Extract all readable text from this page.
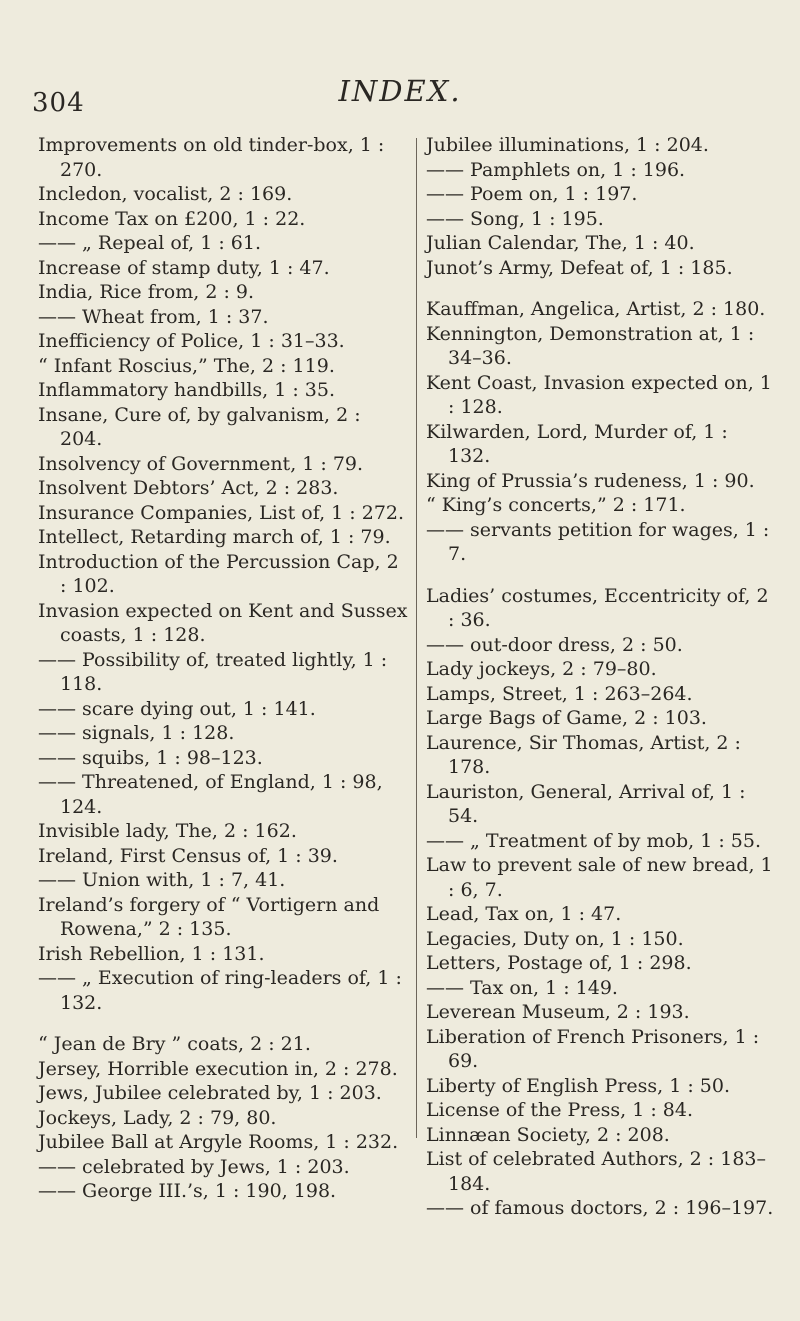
304	INDEX.

Improvements on old tinder-box, 1 : 270.

Incledon, vocalist, 2 : 169.

Income Tax on £200, 1 : 22.

—— „ Repeal of, 1 : 61.

Increase of stamp duty, 1 : 47.

India, Rice from, 2 : 9.

—— Wheat from, 1 : 37.

Inefficiency of Police, 1 : 31–33.

“ Infant Roscius,” The, 2 : 119.

Inflammatory handbills, 1 : 35.

Insane, Cure of, by galvanism, 2 : 204.

Insolvency of Government, 1 : 79.

Insolvent Debtors’ Act, 2 : 283.

Insurance Companies, List of, 1 : 272.

Intellect, Retarding march of, 1 : 79.

Introduction of the Percussion Cap, 2 : 102.

Invasion expected on Kent and Sussex coasts, 1 : 128.

—— Possibility of, treated lightly, 1 : 118.

—— scare dying out, 1 : 141.

—— signals, 1 : 128.

—— squibs, 1 : 98–123.

—— Threatened, of England, 1 : 98, 124.

Invisible lady, The, 2 : 162.

Ireland, First Census of, 1 : 39.

—— Union with, 1 : 7, 41.

Ireland’s forgery of “ Vortigern and Rowena,” 2 : 135.

Irish Rebellion, 1 : 131.

—— „ Execution of ring-leaders of, 1 : 132.

“ Jean de Bry ” coats, 2 : 21.

Jersey, Horrible execution in, 2 : 278.

Jews, Jubilee celebrated by, 1 : 203.

Jockeys, Lady, 2 : 79, 80.

Jubilee Ball at Argyle Rooms, 1 : 232.

—— celebrated by Jews, 1 : 203.

—— George III.’s, 1 : 190, 198.

Jubilee illuminations, 1 : 204.

—— Pamphlets on, 1 : 196.

—— Poem on, 1 : 197.

—— Song, 1 : 195.

Julian Calendar, The, 1 : 40.

Junot’s Army, Defeat of, 1 : 185.

Kauffman, Angelica, Artist, 2 : 180.

Kennington, Demonstration at, 1 : 34–36.

Kent Coast, Invasion expected on, 1 : 128.

Kilwarden, Lord, Murder of, 1 : 132.

King of Prussia’s rudeness, 1 : 90.

“ King’s concerts,” 2 : 171.

—— servants petition for wages, 1 : 7.

Ladies’ costumes, Eccentricity of, 2 : 36.

—— out-door dress, 2 : 50.

Lady jockeys, 2 : 79–80.

Lamps, Street, 1 : 263–264.

Large Bags of Game, 2 : 103.

Laurence, Sir Thomas, Artist, 2 : 178.

Lauriston, General, Arrival of, 1 : 54.

—— „ Treatment of by mob, 1 : 55.

Law to prevent sale of new bread, 1 : 6, 7.

Lead, Tax on, 1 : 47.

Legacies, Duty on, 1 : 150.

Letters, Postage of, 1 : 298.

—— Tax on, 1 : 149.

Leverean Museum, 2 : 193.

Liberation of French Prisoners, 1 : 69.

Liberty of English Press, 1 : 50.

License of the Press, 1 : 84.

Linnæan Society, 2 : 208.

List of celebrated Authors, 2 : 183–184.

—— of famous doctors, 2 : 196–197.
